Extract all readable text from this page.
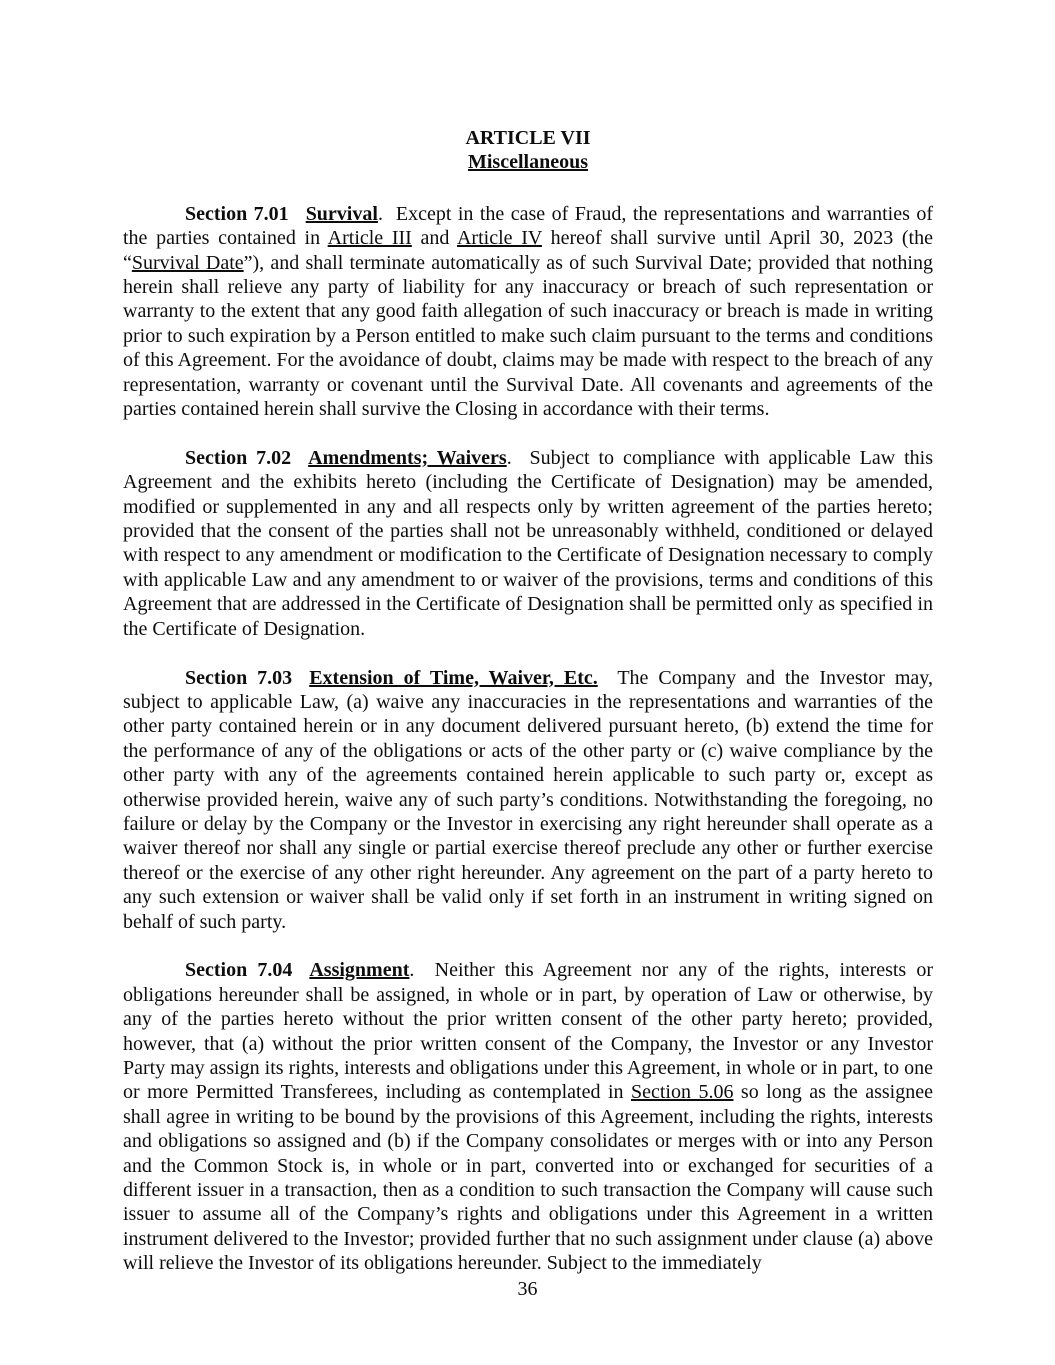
ARTICLE VII
Miscellaneous

Section 7.01 Survival.  Except in the case of Fraud, the representations and warranties of the parties contained in Article III and Article IV hereof shall survive until April 30, 2023 (the “Survival Date”), and shall terminate automatically as of such Survival Date; provided that nothing herein shall relieve any party of liability for any inaccuracy or breach of such representation or warranty to the extent that any good faith allegation of such inaccuracy or breach is made in writing prior to such expiration by a Person entitled to make such claim pursuant to the terms and conditions of this Agreement. For the avoidance of doubt, claims may be made with respect to the breach of any representation, warranty or covenant until the Survival Date. All covenants and agreements of the parties contained herein shall survive the Closing in accordance with their terms.

Section 7.02 Amendments; Waivers.  Subject to compliance with applicable Law this Agreement and the exhibits hereto (including the Certificate of Designation) may be amended, modified or supplemented in any and all respects only by written agreement of the parties hereto; provided that the consent of the parties shall not be unreasonably withheld, conditioned or delayed with respect to any amendment or modification to the Certificate of Designation necessary to comply with applicable Law and any amendment to or waiver of the provisions, terms and conditions of this Agreement that are addressed in the Certificate of Designation shall be permitted only as specified in the Certificate of Designation.

Section 7.03 Extension of Time, Waiver, Etc.  The Company and the Investor may, subject to applicable Law, (a) waive any inaccuracies in the representations and warranties of the other party contained herein or in any document delivered pursuant hereto, (b) extend the time for the performance of any of the obligations or acts of the other party or (c) waive compliance by the other party with any of the agreements contained herein applicable to such party or, except as otherwise provided herein, waive any of such party’s conditions. Notwithstanding the foregoing, no failure or delay by the Company or the Investor in exercising any right hereunder shall operate as a waiver thereof nor shall any single or partial exercise thereof preclude any other or further exercise thereof or the exercise of any other right hereunder. Any agreement on the part of a party hereto to any such extension or waiver shall be valid only if set forth in an instrument in writing signed on behalf of such party.

Section 7.04 Assignment.  Neither this Agreement nor any of the rights, interests or obligations hereunder shall be assigned, in whole or in part, by operation of Law or otherwise, by any of the parties hereto without the prior written consent of the other party hereto; provided, however, that (a) without the prior written consent of the Company, the Investor or any Investor Party may assign its rights, interests and obligations under this Agreement, in whole or in part, to one or more Permitted Transferees, including as contemplated in Section 5.06 so long as the assignee shall agree in writing to be bound by the provisions of this Agreement, including the rights, interests and obligations so assigned and (b) if the Company consolidates or merges with or into any Person and the Common Stock is, in whole or in part, converted into or exchanged for securities of a different issuer in a transaction, then as a condition to such transaction the Company will cause such issuer to assume all of the Company’s rights and obligations under this Agreement in a written instrument delivered to the Investor; provided further that no such assignment under clause (a) above will relieve the Investor of its obligations hereunder. Subject to the immediately

36
